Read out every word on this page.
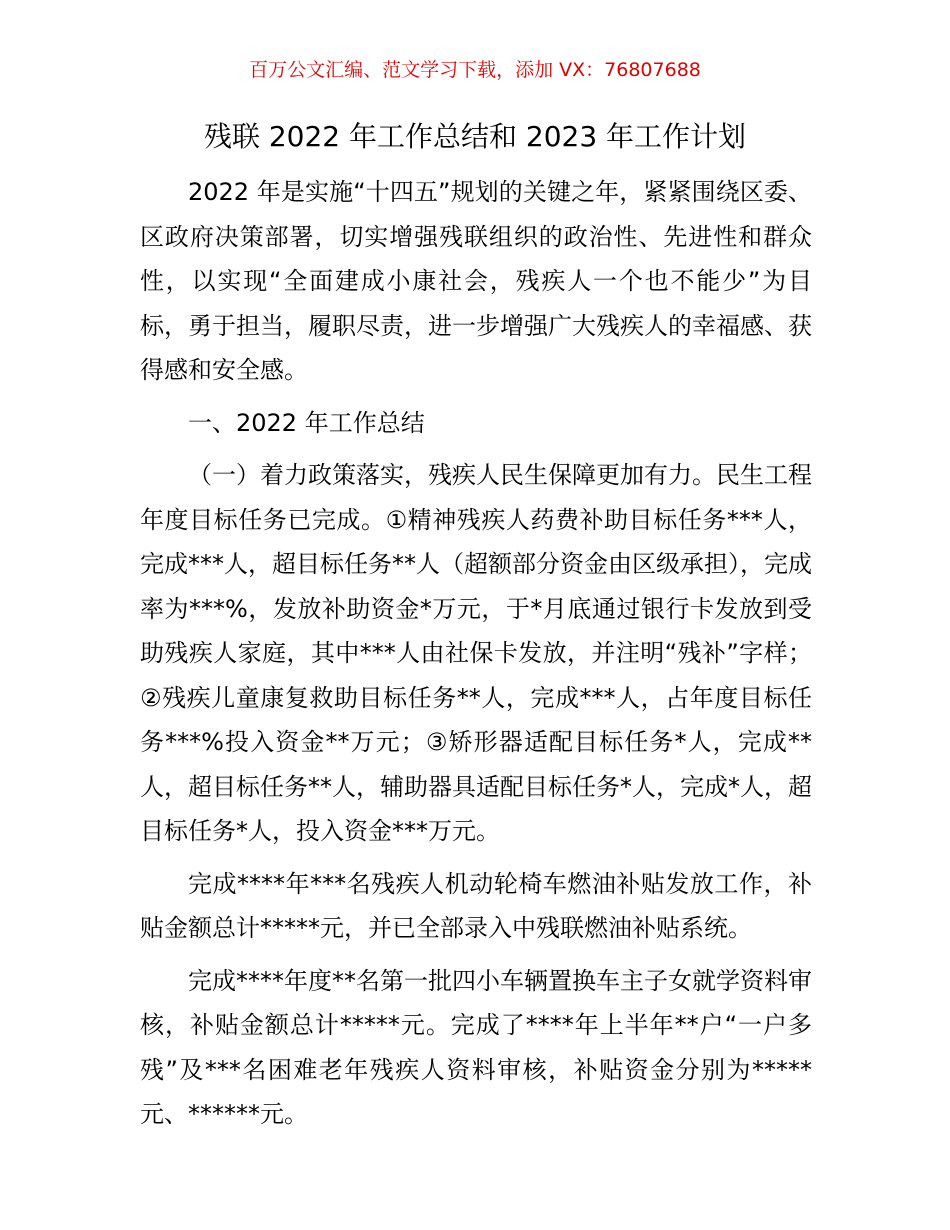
百万公文汇编、范文学习下载，添加 VX：76807688
残联 2022 年工作总结和 2023 年工作计划

2022 年是实施“十四五”规划的关键之年，紧紧围绕区委、区政府决策部署，切实增强残联组织的政治性、先进性和群众性，以实现“全面建成小康社会，残疾人一个也不能少”为目标，勇于担当，履职尽责，进一步增强广大残疾人的幸福感、获得感和安全感。

一、2022 年工作总结

（一）着力政策落实，残疾人民生保障更加有力。民生工程年度目标任务已完成。①精神残疾人药费补助目标任务***人，完成***人，超目标任务**人（超额部分资金由区级承担），完成率为***%，发放补助资金*万元，于*月底通过银行卡发放到受助残疾人家庭，其中***人由社保卡发放，并注明“残补”字样；②残疾儿童康复救助目标任务**人，完成***人，占年度目标任务***%投入资金**万元；③矫形器适配目标任务*人，完成**人，超目标任务**人，辅助器具适配目标任务*人，完成*人，超目标任务*人，投入资金***万元。

完成****年***名残疾人机动轮椅车燃油补贴发放工作，补贴金额总计*****元，并已全部录入中残联燃油补贴系统。

完成****年度**名第一批四小车辆置换车主子女就学资料审核，补贴金额总计*****元。完成了****年上半年**户“一户多残”及***名困难老年残疾人资料审核，补贴资金分别为*****元、******元。
